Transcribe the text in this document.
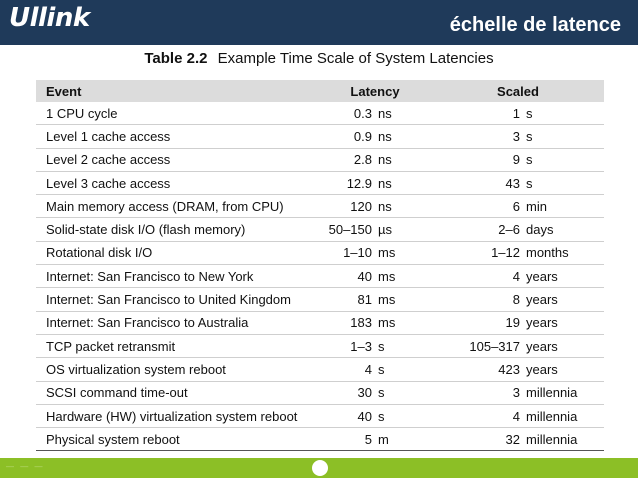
Ullink	échelle de latence
Table 2.2 Example Time Scale of System Latencies
Event	Latency		Scaled	
1 CPU cycle	0.3	ns	1	s
Level 1 cache access	0.9	ns	3	s
Level 2 cache access	2.8	ns	9	s
Level 3 cache access	12.9	ns	43	s
Main memory access (DRAM, from CPU)	120	ns	6	min
Solid-state disk I/O (flash memory)	50–150	µs	2–6	days
Rotational disk I/O	1–10	ms	1–12	months
Internet: San Francisco to New York	40	ms	4	years
Internet: San Francisco to United Kingdom	81	ms	8	years
Internet: San Francisco to Australia	183	ms	19	years
TCP packet retransmit	1–3	s	105–317	years
OS virtualization system reboot	4	s	423	years
SCSI command time-out	30	s	3	millennia
Hardware (HW) virtualization system reboot	40	s	4	millennia
Physical system reboot	5	m	32	millennia
— — —
